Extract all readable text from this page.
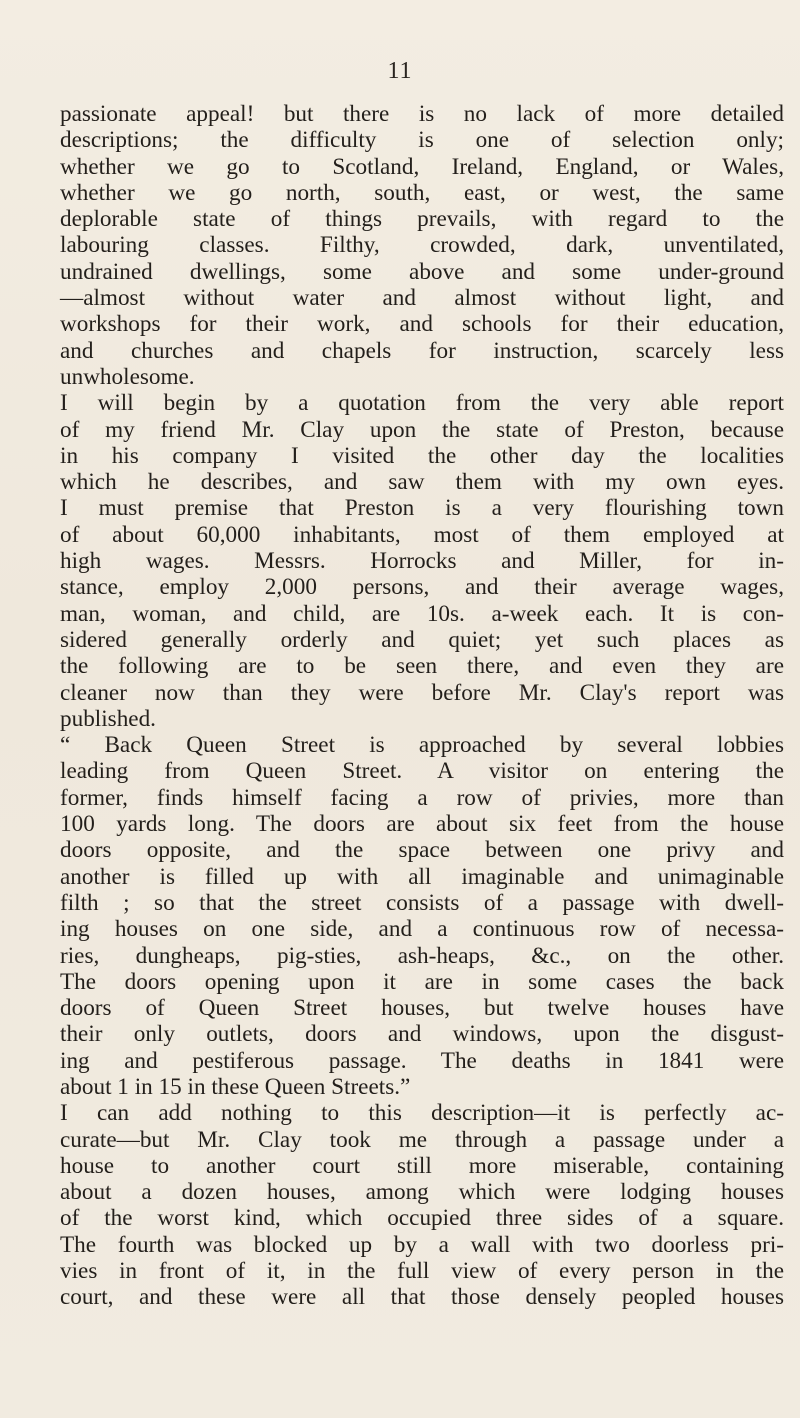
11

passionate appeal! but there is no lack of more detailed
descriptions; the difficulty is one of selection only;
whether we go to Scotland, Ireland, England, or Wales,
whether we go north, south, east, or west, the same
deplorable state of things prevails, with regard to the
labouring classes. Filthy, crowded, dark, unventilated,
undrained dwellings, some above and some under-ground
—almost without water and almost without light, and
workshops for their work, and schools for their education,
and churches and chapels for instruction, scarcely less
unwholesome.

I will begin by a quotation from the very able report
of my friend Mr. Clay upon the state of Preston, because
in his company I visited the other day the localities
which he describes, and saw them with my own eyes.
I must premise that Preston is a very flourishing town
of about 60,000 inhabitants, most of them employed at
high wages. Messrs. Horrocks and Miller, for in-
stance, employ 2,000 persons, and their average wages,
man, woman, and child, are 10s. a-week each. It is con-
sidered generally orderly and quiet; yet such places as
the following are to be seen there, and even they are
cleaner now than they were before Mr. Clay's report was
published.

“ Back Queen Street is approached by several lobbies
leading from Queen Street. A visitor on entering the
former, finds himself facing a row of privies, more than
100 yards long. The doors are about six feet from the house
doors opposite, and the space between one privy and
another is filled up with all imaginable and unimaginable
filth ; so that the street consists of a passage with dwell-
ing houses on one side, and a continuous row of necessa-
ries, dungheaps, pig-sties, ash-heaps, &c., on the other.
The doors opening upon it are in some cases the back
doors of Queen Street houses, but twelve houses have
their only outlets, doors and windows, upon the disgust-
ing and pestiferous passage. The deaths in 1841 were
about 1 in 15 in these Queen Streets.”

I can add nothing to this description—it is perfectly ac-
curate—but Mr. Clay took me through a passage under a
house to another court still more miserable, containing
about a dozen houses, among which were lodging houses
of the worst kind, which occupied three sides of a square.
The fourth was blocked up by a wall with two doorless pri-
vies in front of it, in the full view of every person in the
court, and these were all that those densely peopled houses
